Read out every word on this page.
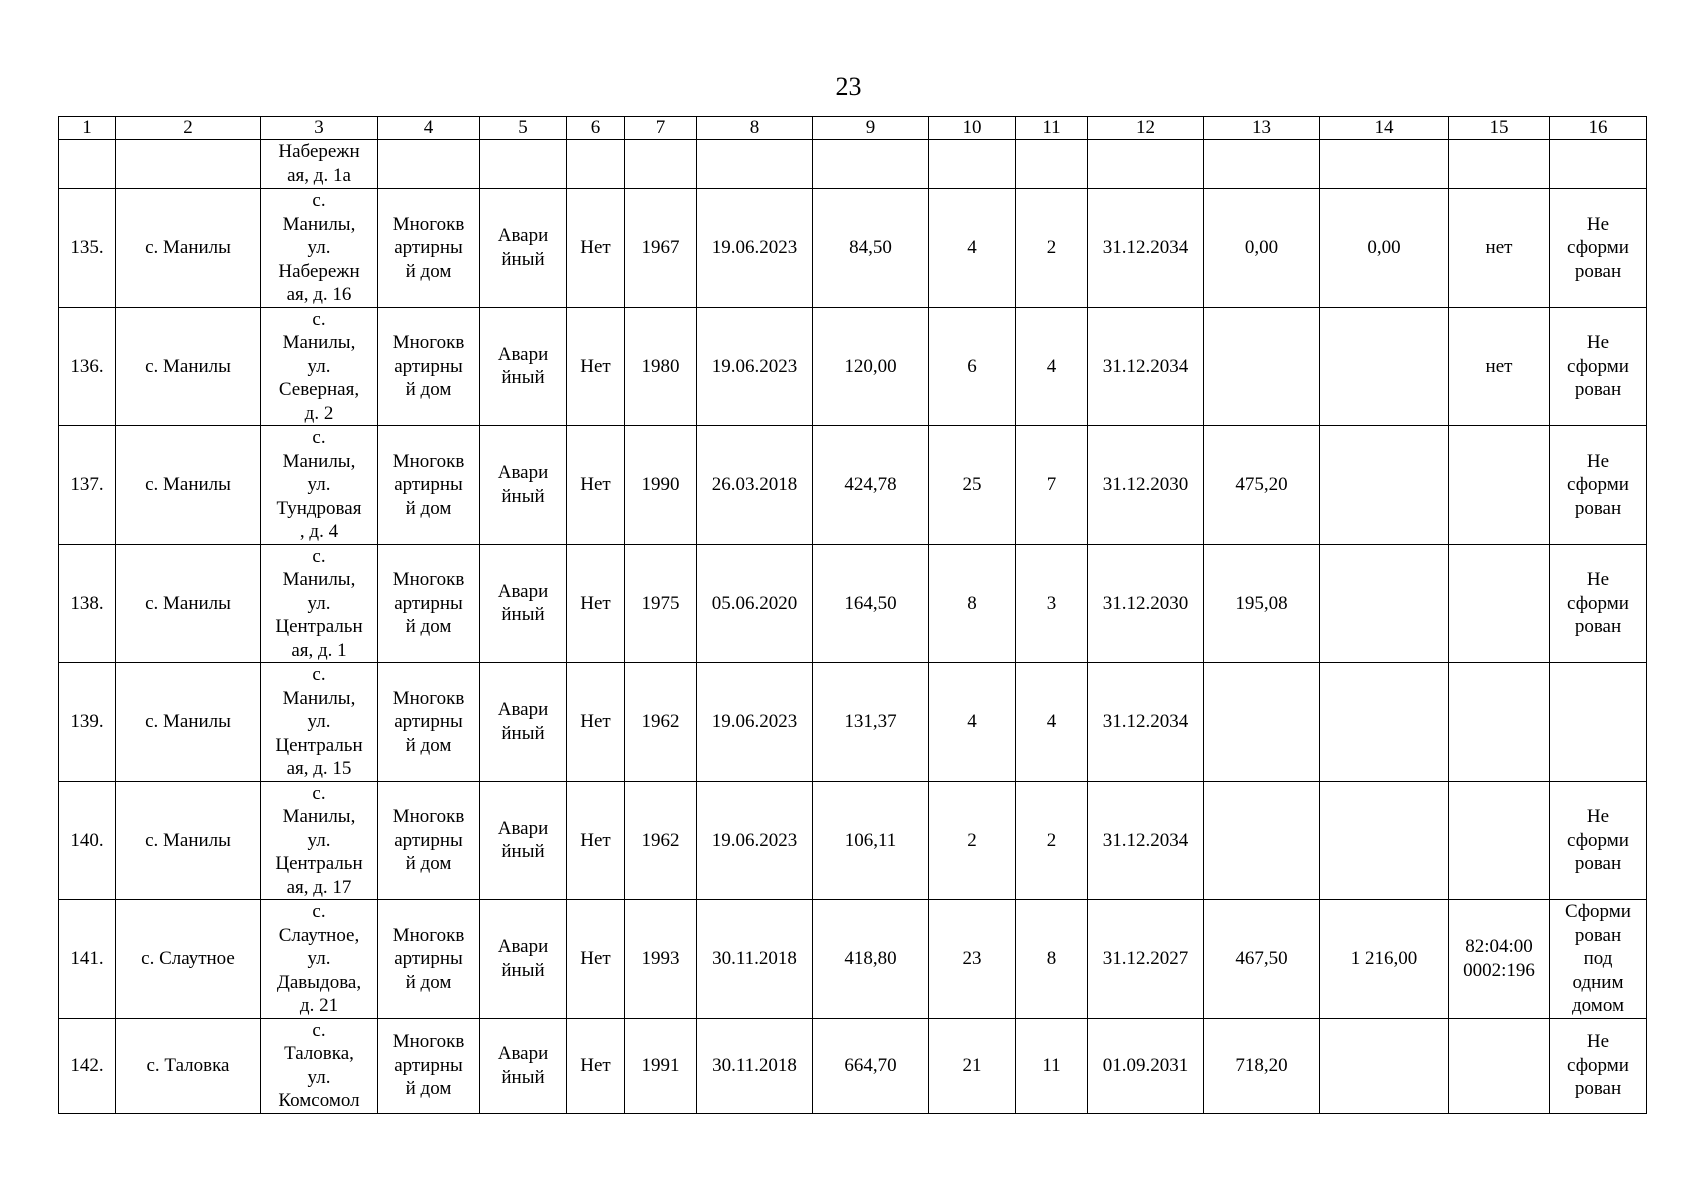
23
1	2	3	4	5	6	7	8	9	10	11	12	13	14	15	16
		Набережн
ая, д. 1а													
135.	с. Манилы	с.
Манилы,
ул.
Набережн
ая, д. 16	Многокв
артирны
й дом	Авари
йный	Нет	1967	19.06.2023	84,50	4	2	31.12.2034	0,00	0,00	нет	Не
сформи
рован
136.	с. Манилы	с.
Манилы,
ул.
Северная,
д. 2	Многокв
артирны
й дом	Авари
йный	Нет	1980	19.06.2023	120,00	6	4	31.12.2034			нет	Не
сформи
рован
137.	с. Манилы	с.
Манилы,
ул.
Тундровая
, д. 4	Многокв
артирны
й дом	Авари
йный	Нет	1990	26.03.2018	424,78	25	7	31.12.2030	475,20			Не
сформи
рован
138.	с. Манилы	с.
Манилы,
ул.
Центральн
ая, д. 1	Многокв
артирны
й дом	Авари
йный	Нет	1975	05.06.2020	164,50	8	3	31.12.2030	195,08			Не
сформи
рован
139.	с. Манилы	с.
Манилы,
ул.
Центральн
ая, д. 15	Многокв
артирны
й дом	Авари
йный	Нет	1962	19.06.2023	131,37	4	4	31.12.2034				
140.	с. Манилы	с.
Манилы,
ул.
Центральн
ая, д. 17	Многокв
артирны
й дом	Авари
йный	Нет	1962	19.06.2023	106,11	2	2	31.12.2034				Не
сформи
рован
141.	с. Слаутное	с.
Слаутное,
ул.
Давыдова,
д. 21	Многокв
артирны
й дом	Авари
йный	Нет	1993	30.11.2018	418,80	23	8	31.12.2027	467,50	1 216,00	82:04:00
0002:196	Сформи
рован
под
одним
домом
142.	с. Таловка	с.
Таловка,
ул.
Комсомол	Многокв
артирны
й дом	Авари
йный	Нет	1991	30.11.2018	664,70	21	11	01.09.2031	718,20			Не
сформи
рован
